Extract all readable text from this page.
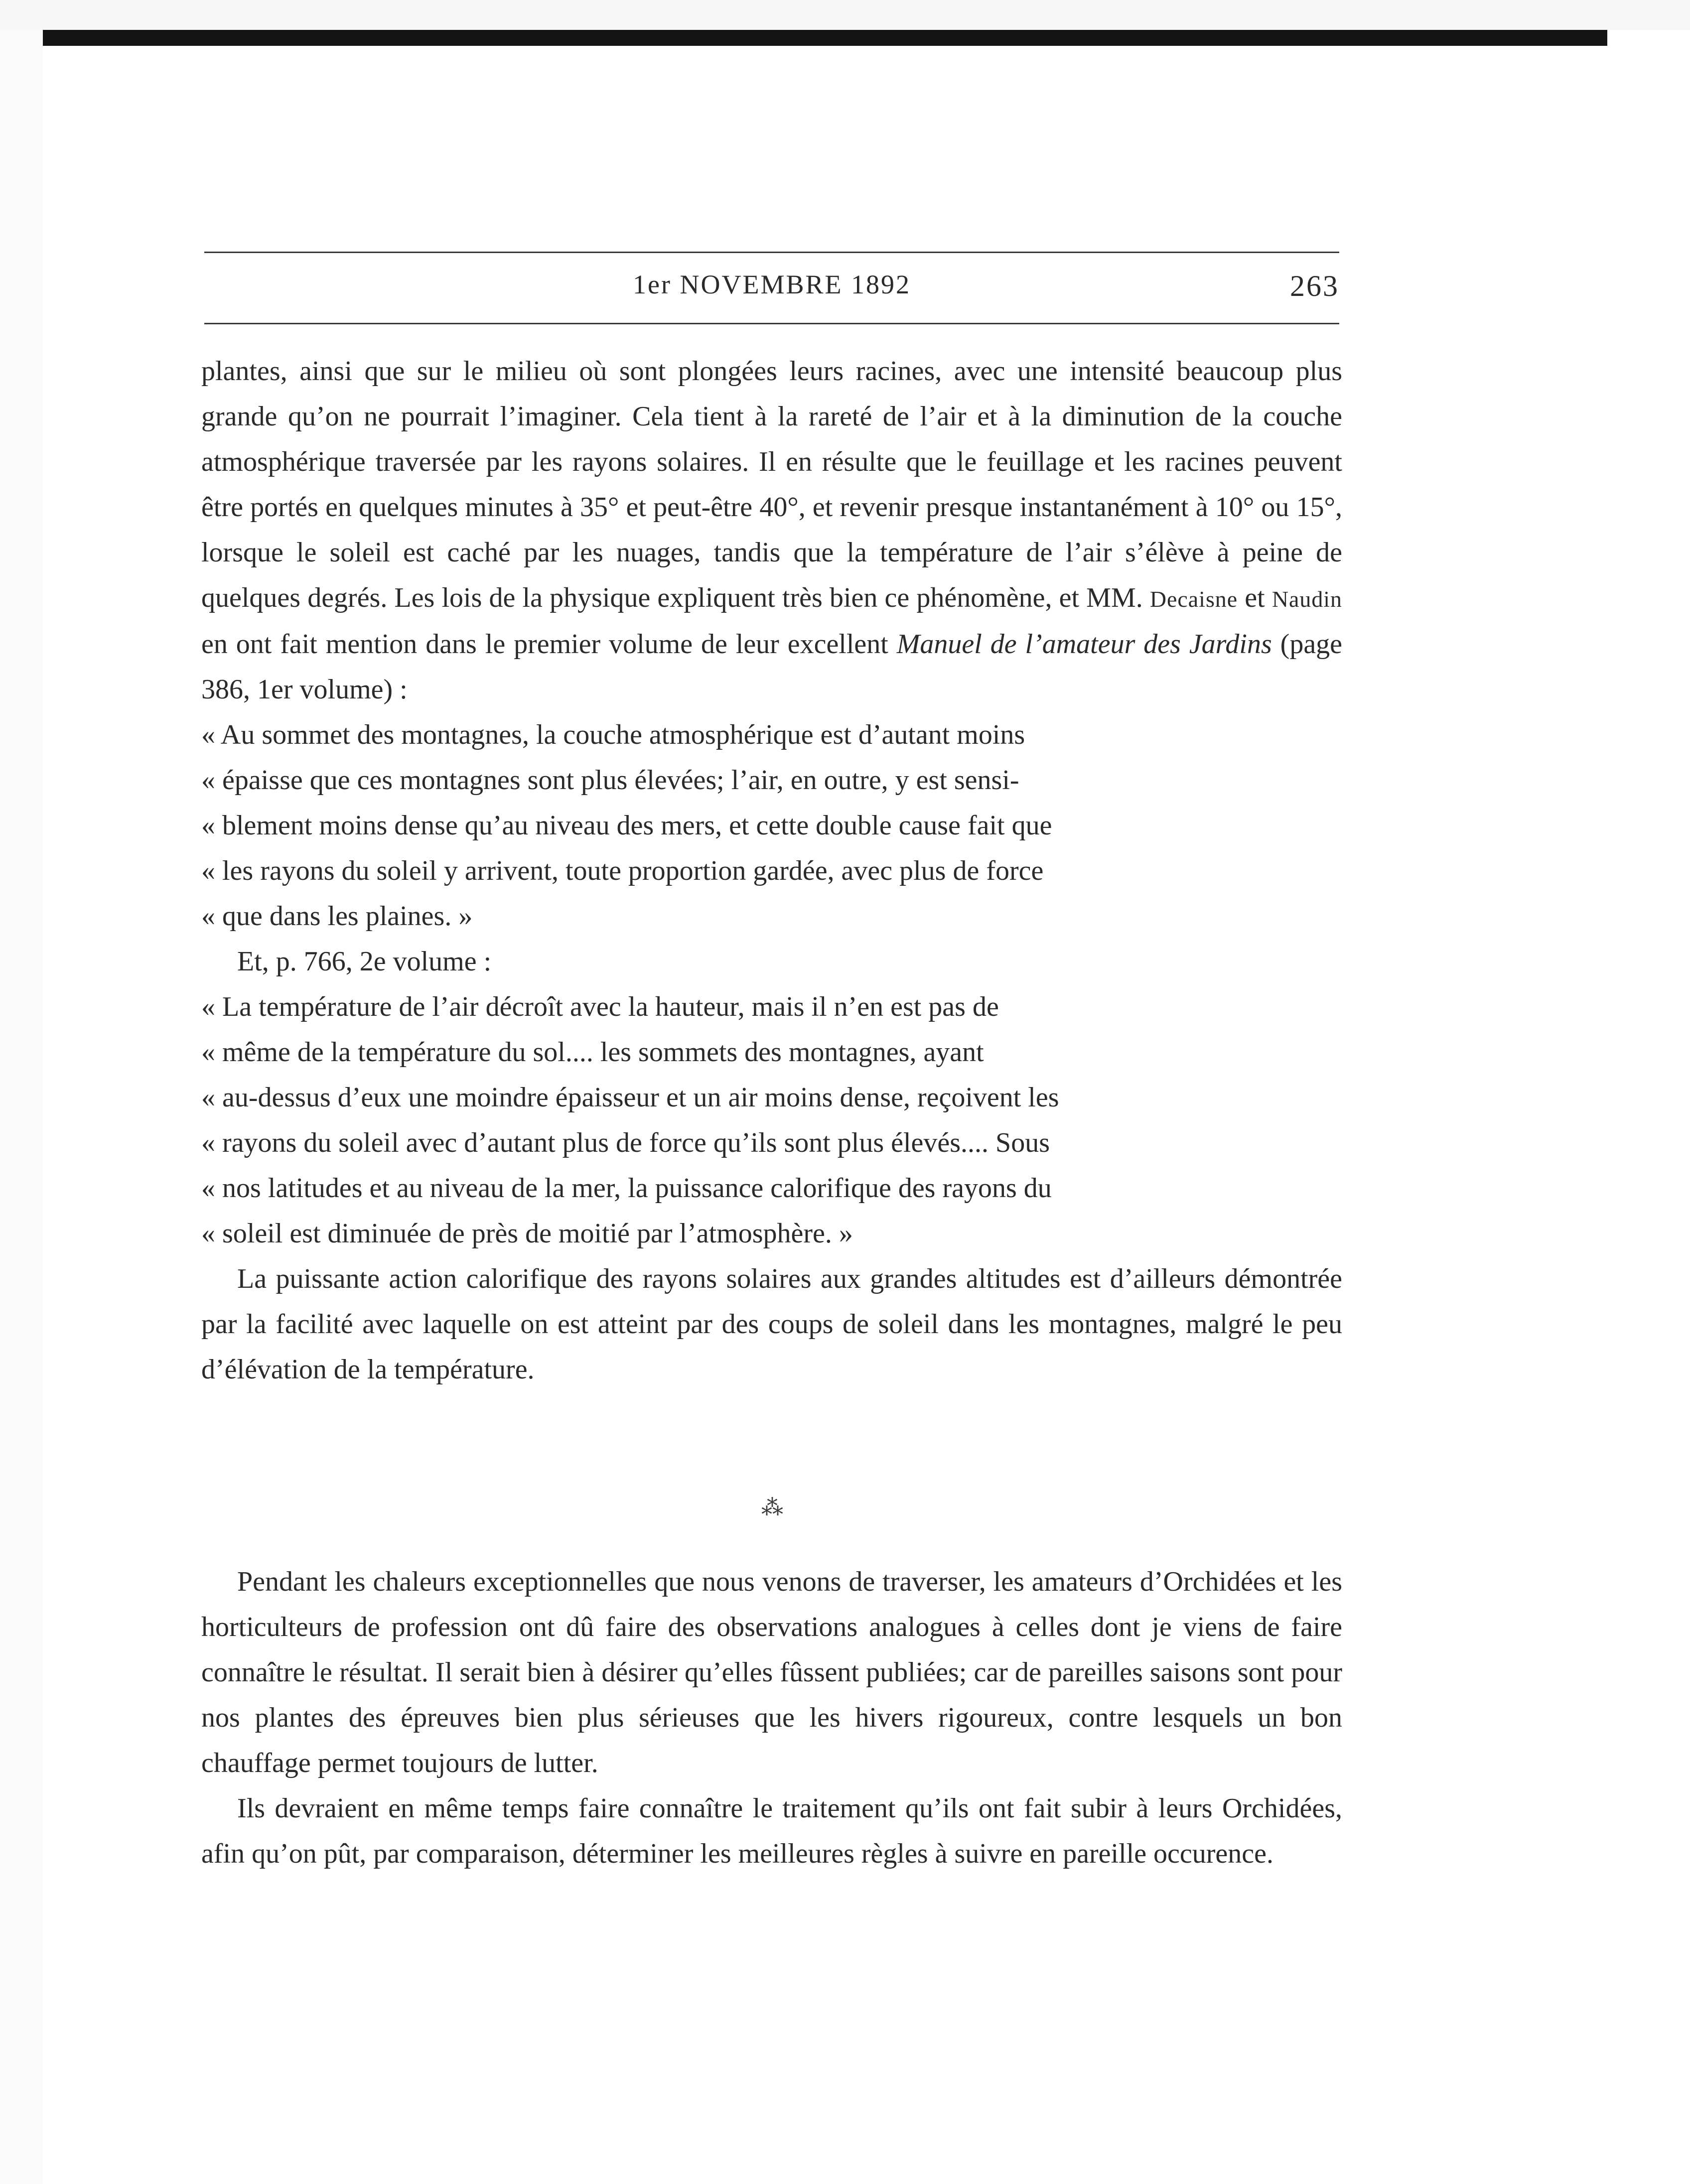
1er NOVEMBRE 1892	263

plantes, ainsi que sur le milieu où sont plongées leurs racines, avec une intensité beaucoup plus grande qu’on ne pourrait l’imaginer. Cela tient à la rareté de l’air et à la diminution de la couche atmosphérique traversée par les rayons solaires. Il en résulte que le feuillage et les racines peuvent être portés en quelques minutes à 35° et peut-être 40°, et revenir presque instantanément à 10° ou 15°, lorsque le soleil est caché par les nuages, tandis que la température de l’air s’élève à peine de quelques degrés. Les lois de la physique expliquent très bien ce phénomène, et MM. Decaisne et Naudin en ont fait mention dans le premier volume de leur excellent Manuel de l’amateur des Jardins (page 386, 1er volume) :

« Au sommet des montagnes, la couche atmosphérique est d’autant moins
« épaisse que ces montagnes sont plus élevées; l’air, en outre, y est sensi-
« blement moins dense qu’au niveau des mers, et cette double cause fait que
« les rayons du soleil y arrivent, toute proportion gardée, avec plus de force
« que dans les plaines. »

Et, p. 766, 2e volume :

« La température de l’air décroît avec la hauteur, mais il n’en est pas de
« même de la température du sol.... les sommets des montagnes, ayant
« au-dessus d’eux une moindre épaisseur et un air moins dense, reçoivent les
« rayons du soleil avec d’autant plus de force qu’ils sont plus élevés.... Sous
« nos latitudes et au niveau de la mer, la puissance calorifique des rayons du
« soleil est diminuée de près de moitié par l’atmosphère. »

La puissante action calorifique des rayons solaires aux grandes altitudes est d’ailleurs démontrée par la facilité avec laquelle on est atteint par des coups de soleil dans les montagnes, malgré le peu d’élévation de la température.

⁂

Pendant les chaleurs exceptionnelles que nous venons de traverser, les amateurs d’Orchidées et les horticulteurs de profession ont dû faire des observations analogues à celles dont je viens de faire connaître le résultat. Il serait bien à désirer qu’elles fûssent publiées; car de pareilles saisons sont pour nos plantes des épreuves bien plus sérieuses que les hivers rigoureux, contre lesquels un bon chauffage permet toujours de lutter.

Ils devraient en même temps faire connaître le traitement qu’ils ont fait subir à leurs Orchidées, afin qu’on pût, par comparaison, déterminer les meilleures règles à suivre en pareille occurence.
